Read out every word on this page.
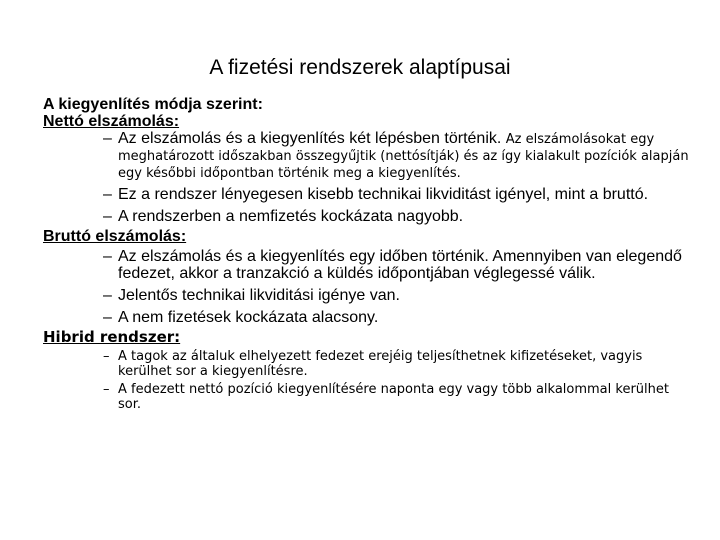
A fizetési rendszerek alaptípusai

A kiegyenlítés módja szerint:

Nettó elszámolás:

– Az elszámolás és a kiegyenlítés két lépésben történik. Az elszámolásokat egy meghatározott időszakban összegyűjtik (nettósítják) és az így kialakult pozíciók alapján egy későbbi időpontban történik meg a kiegyenlítés.
– Ez a rendszer lényegesen kisebb technikai likviditást igényel, mint a bruttó.
– A rendszerben a nemfizetés kockázata nagyobb.

Bruttó elszámolás:

– Az elszámolás és a kiegyenlítés egy időben történik. Amennyiben van elegendő fedezet, akkor a tranzakció a küldés időpontjában véglegessé válik.
– Jelentős technikai likviditási igénye van.
– A nem fizetések kockázata alacsony.

Hibrid rendszer:

– A tagok az általuk elhelyezett fedezet erejéig teljesíthetnek kifizetéseket, vagyis kerülhet sor a kiegyenlítésre.
– A fedezett nettó pozíció kiegyenlítésére naponta egy vagy több alkalommal kerülhet sor.
